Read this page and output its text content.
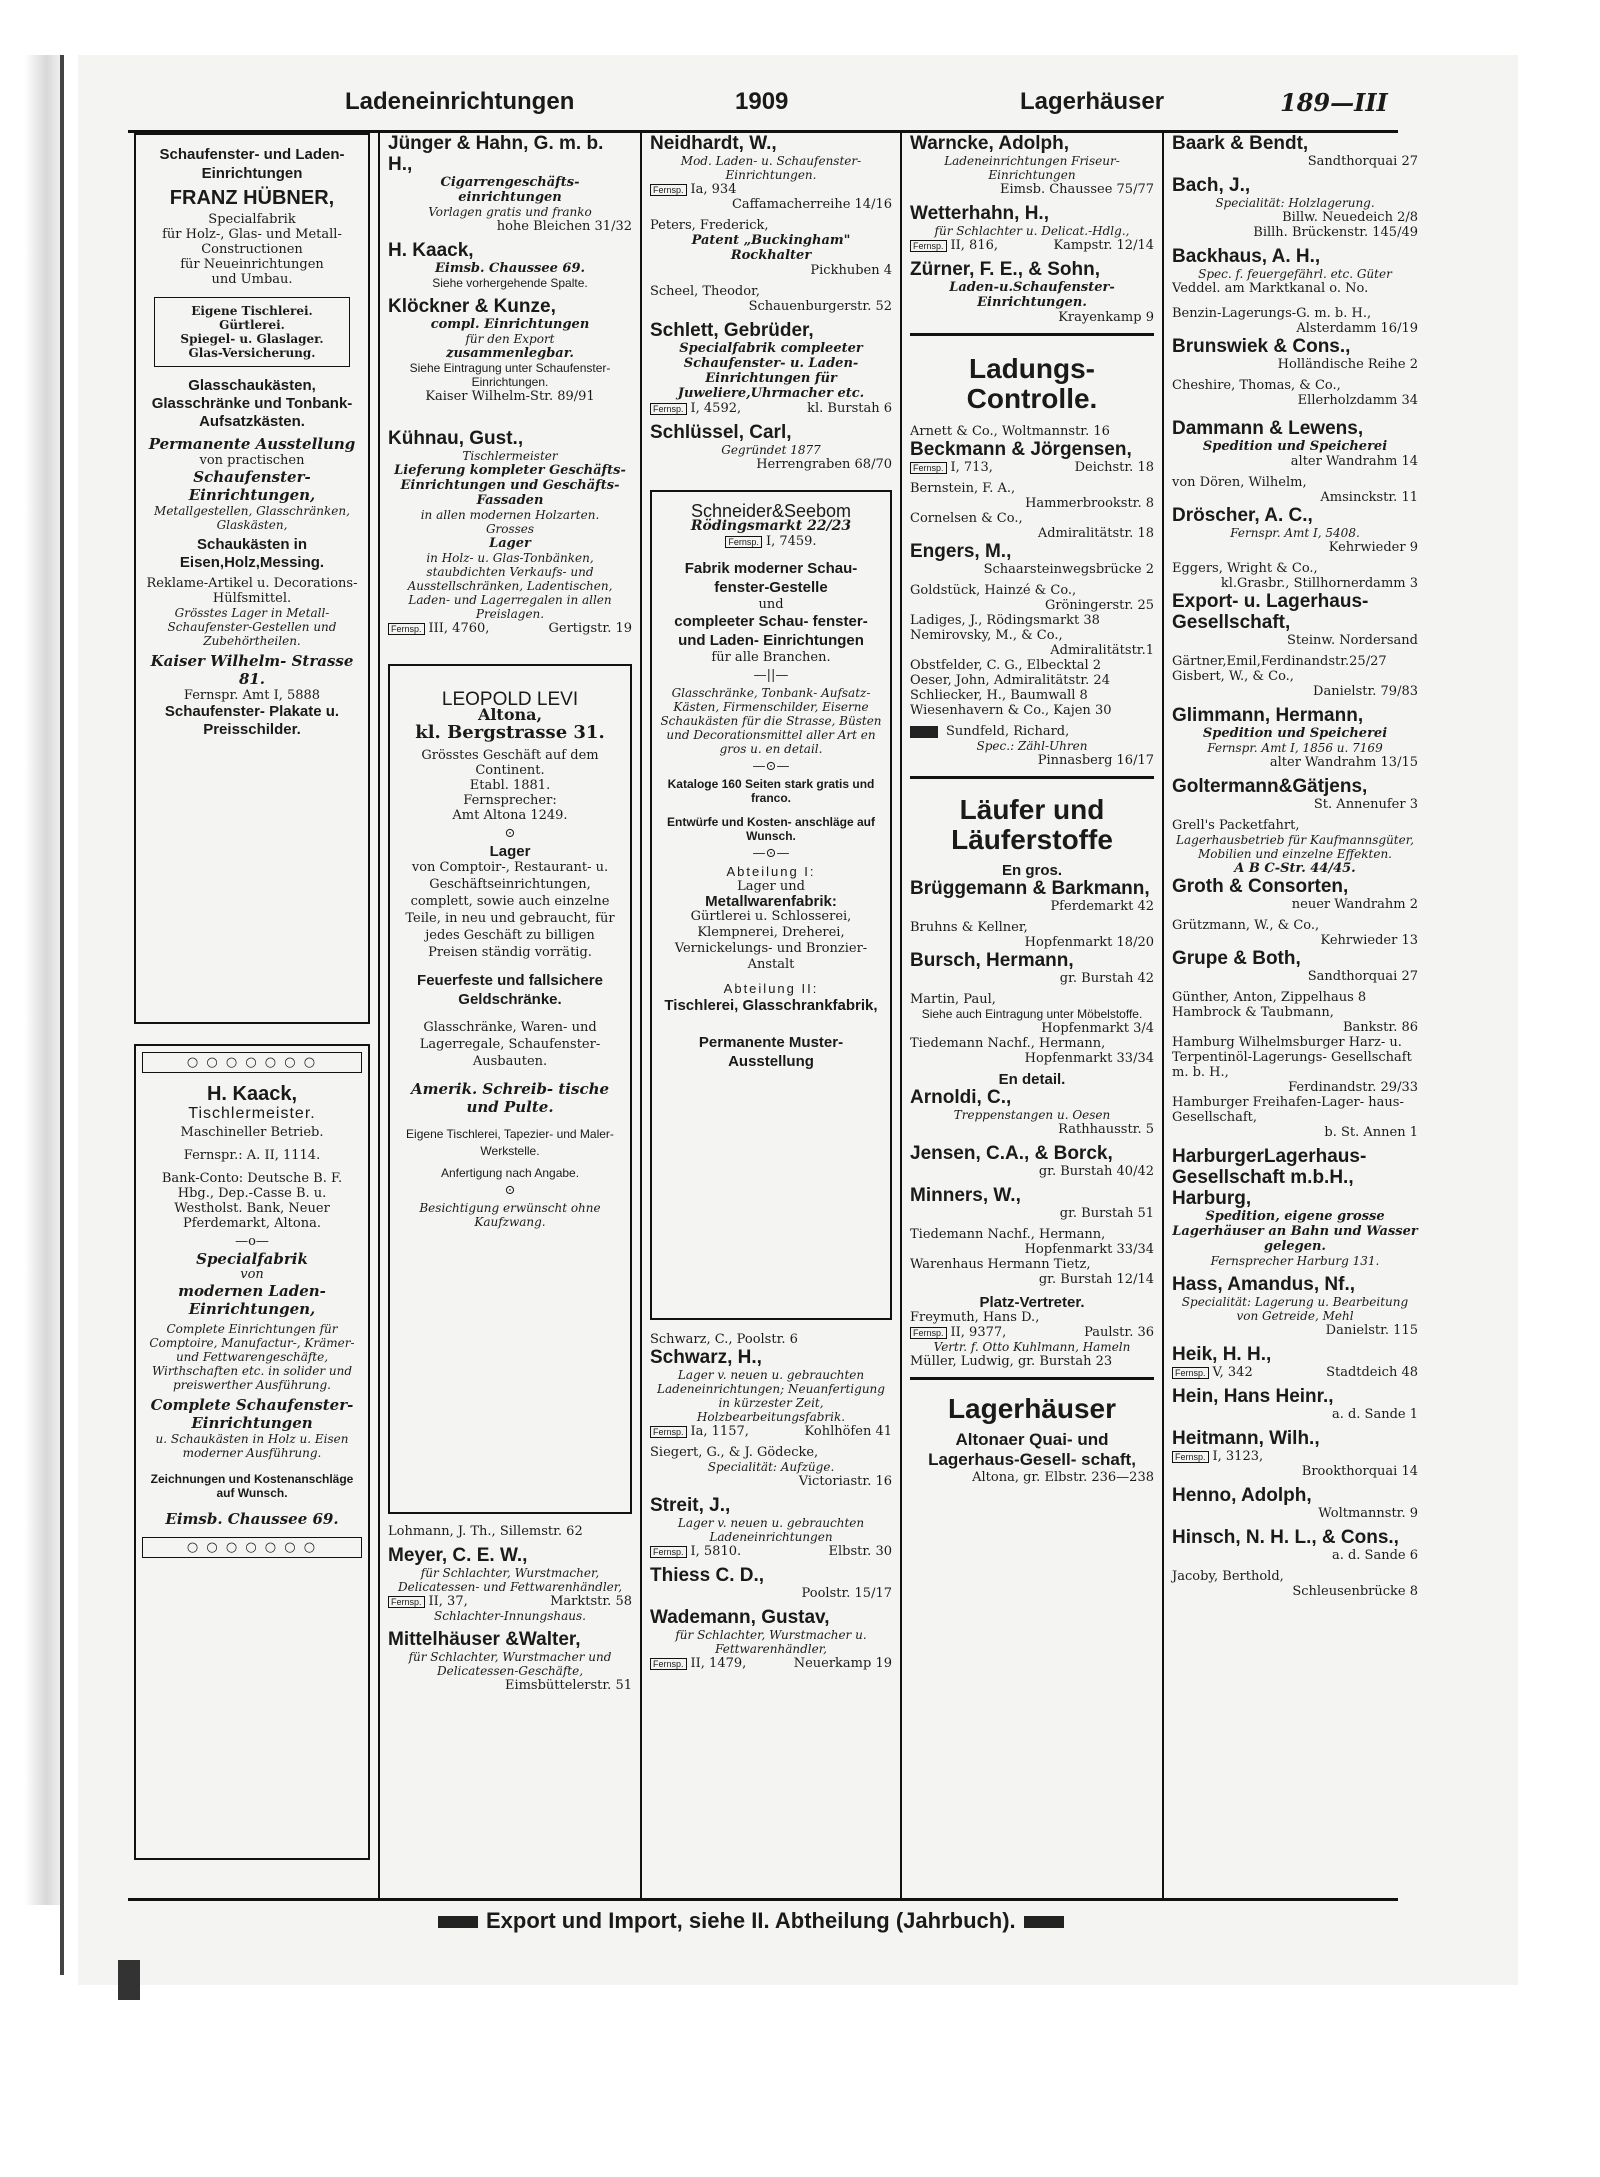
Ladeneinrichtungen	1909	Lagerhäuser	189—III
Schaufenster- und Laden- Einrichtungen
FRANZ HÜBNER,
Specialfabrik
für Holz-, Glas- und Metall-
Constructionen
für Neueinrichtungen
und Umbau.
Eigene Tischlerei.
Gürtlerei.
Spiegel- u. Glaslager.
Glas-Versicherung.
Glasschaukästen, Glasschränke und Tonbank- Aufsatzkästen.
Permanente Ausstellung
von practischen
Schaufenster- Einrichtungen,
Metallgestellen, Glasschränken, Glaskästen,
Schaukästen in Eisen,Holz,Messing.
Reklame-Artikel u. Decorations-Hülfsmittel.
Grösstes Lager in Metall-Schaufenster-Gestellen und Zubehörtheilen.
Kaiser Wilhelm- Strasse 81.
Fernspr. Amt I, 5888
Schaufenster- Plakate u. Preisschilder.
○ ○ ○ ○ ○ ○ ○
H. Kaack,
Tischlermeister.
Maschineller Betrieb.
Fernspr.: A. II, 1114.
Bank-Conto: Deutsche B. F. Hbg., Dep.-Casse B. u. Westholst. Bank, Neuer Pferdemarkt, Altona.
—o—
Specialfabrik
von
modernen Laden- Einrichtungen,
Complete Einrichtungen für Comptoire, Manufactur-, Krämer- und Fettwarengeschäfte, Wirthschaften etc. in solider und preiswerther Ausführung.
Complete Schaufenster- Einrichtungen
u. Schaukästen in Holz u. Eisen moderner Ausführung.
Zeichnungen und Kostenanschläge auf Wunsch.
Eimsb. Chaussee 69.
○ ○ ○ ○ ○ ○ ○
Jünger & Hahn, G. m. b. H.,
Cigarrengeschäfts- einrichtungen
Vorlagen gratis und franko
hohe Bleichen 31/32
H. Kaack,
Eimsb. Chaussee 69.
Siehe vorhergehende Spalte.
Klöckner & Kunze,
compl. Einrichtungen
für den Export
zusammenlegbar.
Siehe Eintragung unter Schaufenster-Einrichtungen.
Kaiser Wilhelm-Str. 89/91
Kühnau, Gust.,
Tischlermeister
Lieferung kompleter Geschäfts- Einrichtungen und Geschäfts-Fassaden
in allen modernen Holzarten.
Grosses
Lager
in Holz- u. Glas-Tonbänken, staubdichten Verkaufs- und Ausstellschränken, Ladentischen, Laden- und Lagerregalen in allen Preislagen.
Fernsp. III, 4760,	Gertigstr. 19
LEOPOLD LEVI
Altona,
kl. Bergstrasse 31.
Grösstes Geschäft auf dem Continent.
Etabl. 1881.
Fernsprecher:
Amt Altona 1249.
⊙
Lager
von Comptoir-, Restaurant- u. Geschäftseinrichtungen, complett, sowie auch einzelne Teile, in neu und gebraucht, für jedes Geschäft zu billigen Preisen ständig vorrätig.
Feuerfeste und fallsichere Geldschränke.
Glasschränke, Waren- und Lagerregale, Schaufenster-Ausbauten.
Amerik. Schreib- tische und Pulte.
Eigene Tischlerei, Tapezier- und Maler- Werkstelle.
Anfertigung nach Angabe.
⊙
Besichtigung erwünscht ohne Kaufzwang.
Lohmann, J. Th., Sillemstr. 62
Meyer, C. E. W.,
für Schlachter, Wurstmacher, Delicatessen- und Fettwarenhändler,
Fernsp. II, 37,	Marktstr. 58
Schlachter-Innungshaus.
Mittelhäuser &Walter,
für Schlachter, Wurstmacher und Delicatessen-Geschäfte,
Eimsbüttelerstr. 51
Neidhardt, W.,
Mod. Laden- u. Schaufenster- Einrichtungen.
Fernsp. Ia, 934
Caffamacherreihe 14/16
Peters, Frederick,
Patent „Buckingham" Rockhalter
Pickhuben 4
Scheel, Theodor,
Schauenburgerstr. 52
Schlett, Gebrüder,
Specialfabrik compleeter Schaufenster- u. Laden-Einrichtungen für Juweliere,Uhrmacher etc.
Fernsp. I, 4592,	kl. Burstah 6
Schlüssel, Carl,
Gegründet 1877
Herrengraben 68/70
Schneider&Seebom
Rödingsmarkt 22/23
Fernsp. I, 7459.
Fabrik moderner Schau- fenster-Gestelle
und
compleeter Schau- fenster- und Laden- Einrichtungen
für alle Branchen.
—||—
Glasschränke, Tonbank- Aufsatz-Kästen, Firmenschilder, Eiserne Schaukästen für die Strasse, Büsten und Decorationsmittel aller Art en gros u. en detail.
—⊙—
Kataloge 160 Seiten stark gratis und franco.
Entwürfe und Kosten- anschläge auf Wunsch.
—⊙—
Abteilung I:
Lager und
Metallwarenfabrik:
Gürtlerei u. Schlosserei, Klempnerei, Dreherei, Vernickelungs- und Bronzier-Anstalt
Abteilung II:
Tischlerei, Glasschrankfabrik,
Permanente Muster-Ausstellung
Schwarz, C., Poolstr. 6
Schwarz, H.,
Lager v. neuen u. gebrauchten Ladeneinrichtungen; Neuanfertigung in kürzester Zeit, Holzbearbeitungsfabrik.
Fernsp. Ia, 1157,	Kohlhöfen 41
Siegert, G., & J. Gödecke,
Specialität: Aufzüge.
Victoriastr. 16
Streit, J.,
Lager v. neuen u. gebrauchten Ladeneinrichtungen
Fernsp. I, 5810.	Elbstr. 30
Thiess C. D.,
Poolstr. 15/17
Wademann, Gustav,
für Schlachter, Wurstmacher u. Fettwarenhändler,
Fernsp. II, 1479,	Neuerkamp 19
Warncke, Adolph,
Ladeneinrichtungen Friseur-Einrichtungen
Eimsb. Chaussee 75/77
Wetterhahn, H.,
für Schlachter u. Delicat.-Hdlg.,
Fernsp. II, 816,	Kampstr. 12/14
Zürner, F. E., & Sohn,
Laden-u.Schaufenster- Einrichtungen.
Krayenkamp 9
Ladungs- Controlle.
Arnett & Co., Woltmannstr. 16
Beckmann & Jörgensen,
Fernsp. I, 713,	Deichstr. 18
Bernstein, F. A.,
Hammerbrookstr. 8
Cornelsen & Co.,
Admiralitätstr. 18
Engers, M.,
Schaarsteinwegsbrücke 2
Goldstück, Hainzé & Co.,
Gröningerstr. 25
Ladiges, J., Rödingsmarkt 38
Nemirovsky, M., & Co.,
Admiralitätstr.1
Obstfelder, C. G., Elbecktal 2
Oeser, John, Admiralitätstr. 24
Schliecker, H., Baumwall 8
Wiesenhavern & Co., Kajen 30
Sundfeld, Richard,
Spec.: Zähl-Uhren
Pinnasberg 16/17
Läufer und Läuferstoffe
En gros.
Brüggemann & Barkmann,
Pferdemarkt 42
Bruhns & Kellner,
Hopfenmarkt 18/20
Bursch, Hermann,
gr. Burstah 42
Martin, Paul,
Siehe auch Eintragung unter Möbelstoffe.
Hopfenmarkt 3/4
Tiedemann Nachf., Hermann,
Hopfenmarkt 33/34
En detail.
Arnoldi, C.,
Treppenstangen u. Oesen
Rathhausstr. 5
Jensen, C.A., & Borck,
gr. Burstah 40/42
Minners, W.,
gr. Burstah 51
Tiedemann Nachf., Hermann,
Hopfenmarkt 33/34
Warenhaus Hermann Tietz,
gr. Burstah 12/14
Platz-Vertreter.
Freymuth, Hans D.,
Fernsp. II, 9377,	Paulstr. 36
Vertr. f. Otto Kuhlmann, Hameln
Müller, Ludwig, gr. Burstah 23
Lagerhäuser
Altonaer Quai- und Lagerhaus-Gesell- schaft,
Altona, gr. Elbstr. 236—238
Baark & Bendt,
Sandthorquai 27
Bach, J.,
Specialität: Holzlagerung.
Billw. Neuedeich 2/8
Billh. Brückenstr. 145/49
Backhaus, A. H.,
Spec. f. feuergefährl. etc. Güter
Veddel. am Marktkanal o. No.
Benzin-Lagerungs-G. m. b. H.,
Alsterdamm 16/19
Brunswiek & Cons.,
Holländische Reihe 2
Cheshire, Thomas, & Co.,
Ellerholzdamm 34
Dammann & Lewens,
Spedition und Speicherei
alter Wandrahm 14
von Dören, Wilhelm,
Amsinckstr. 11
Dröscher, A. C.,
Fernspr. Amt I, 5408.
Kehrwieder 9
Eggers, Wright & Co.,
kl.Grasbr., Stillhornerdamm 3
Export- u. Lagerhaus- Gesellschaft,
Steinw. Nordersand
Gärtner,Emil,Ferdinandstr.25/27
Gisbert, W., & Co.,
Danielstr. 79/83
Glimmann, Hermann,
Spedition und Speicherei
Fernspr. Amt I, 1856 u. 7169
alter Wandrahm 13/15
Goltermann&Gätjens,
St. Annenufer 3
Grell's Packetfahrt,
Lagerhausbetrieb für Kaufmannsgüter, Mobilien und einzelne Effekten.
A B C-Str. 44/45.
Groth & Consorten,
neuer Wandrahm 2
Grützmann, W., & Co.,
Kehrwieder 13
Grupe & Both,
Sandthorquai 27
Günther, Anton, Zippelhaus 8
Hambrock & Taubmann,
Bankstr. 86
Hamburg Wilhelmsburger Harz- u. Terpentinöl-Lagerungs- Gesellschaft m. b. H.,
Ferdinandstr. 29/33
Hamburger Freihafen-Lager- haus-Gesellschaft,
b. St. Annen 1
HarburgerLagerhaus- Gesellschaft m.b.H., Harburg,
Spedition, eigene grosse Lagerhäuser an Bahn und Wasser gelegen.
Fernsprecher Harburg 131.
Hass, Amandus, Nf.,
Specialität: Lagerung u. Bearbeitung von Getreide, Mehl
Danielstr. 115
Heik, H. H.,
Fernsp. V, 342	Stadtdeich 48
Hein, Hans Heinr.,
a. d. Sande 1
Heitmann, Wilh.,
Fernsp. I, 3123,
Brookthorquai 14
Henno, Adolph,
Woltmannstr. 9
Hinsch, N. H. L., & Cons.,
a. d. Sande 6
Jacoby, Berthold,
Schleusenbrücke 8
Export und Import, siehe II. Abtheilung (Jahrbuch).
